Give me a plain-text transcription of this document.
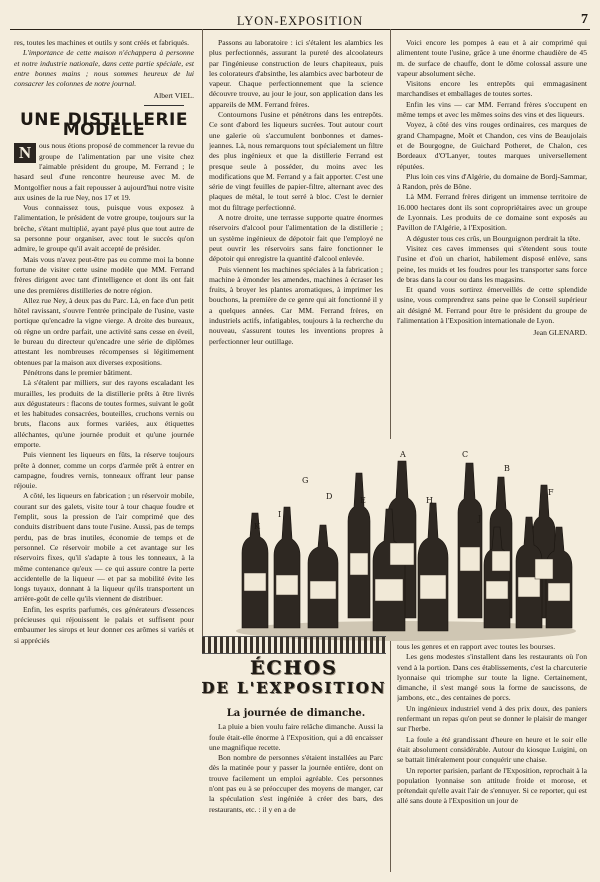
LYON-EXPOSITION	7

res, toutes les machines et outils y sont créés et fabriqués.

L'importance de cette maison n'échappera à personne et notre industrie nationale, dans cette partie spéciale, est entre bonnes mains ; nous sommes heureux de lui consacrer les colonnes de notre journal.

Albert VIEL.

UNE DISTILLERIE MODÈLE

N	ous nous étions proposé de commencer la revue du groupe de l'alimentation par une visite chez l'aimable président du groupe, M. Ferrand ; le hasard seul d'une rencontre heureuse avec M. de Montgolfier nous a fait repousser à aujourd'hui notre visite aux usines de la rue Ney, nos 17 et 19.

Vous connaissez tous, puisque vous exposez à l'alimentation, le président de votre groupe, toujours sur la brèche, s'étant multiplié, ayant payé plus que tout autre de sa personne pour organiser, avec tout le succès qu'on admire, le groupe qu'il avait accepté de présider.

Mais vous n'avez peut-être pas eu comme moi la bonne fortune de visiter cette usine modèle que MM. Ferrand frères dirigent avec tant d'intelligence et dont ils ont fait une des premières distilleries de notre région.

Allez rue Ney, à deux pas du Parc. Là, en face d'un petit hôtel ravissant, s'ouvre l'entrée principale de l'usine, vaste portique qu'encadre la vigne vierge. A droite des bureaux, où règne un ordre parfait, une activité sans cesse en éveil, le bureau du directeur qu'encadre une série de diplômes attestant les nombreuses récompenses si légitimement obtenues par la maison aux diverses expositions.

Pénétrons dans le premier bâtiment.

Là s'étalent par milliers, sur des rayons escaladant les murailles, les produits de la distillerie prêts à être livrés aux dégustateurs : flacons de toutes formes, suivant le goût et les habitudes consacrées, bouteilles, cruchons vernis ou bruts, flacons aux formes variées, aux étiquettes alléchantes, qu'une journée produit et qu'une journée emporte.

Puis viennent les liqueurs en fûts, la réserve toujours prête à donner, comme un corps d'armée prêt à entrer en campagne, foudres vernis, tonneaux offrant leur panse réjouie.

A côté, les liqueurs en fabrication ; un réservoir mobile, courant sur des galets, visite tour à tour chaque foudre et l'emplit, sous la pression de l'air comprimé que des conduits distribuent dans toute l'usine. Aussi, pas de temps perdu, pas de bras inutiles, économie de temps et de personnel. Ce réservoir mobile a cet avantage sur les réservoirs fixes, qu'il s'adapte à tous les tonneaux, à la même contenance qu'eux — ce qui assure contre la perte accidentelle de la liqueur — et par sa mobilité évite les longs tuyaux, donnant à la liqueur qu'ils transportent un arrière-goût de celle qu'ils viennent de distribuer.

Enfin, les esprits parfumés, ces générateurs d'essences précieuses qui réjouissent le palais et suffisent pour embaumer les sirops et leur donner ces arômes si variés et si appréciés

Passons au laboratoire : ici s'étalent les alambics les plus perfectionnés, assurant la pureté des alcoolateurs par l'ingénieuse construction de leurs chapiteaux, puis les colorateurs d'absinthe, les alambics avec barboteur de vapeur. Chaque perfectionnement que la science découvre trouve, au jour le jour, son application dans les appareils de MM. Ferrand frères.

Contournons l'usine et pénétrons dans les entrepôts. Ce sont d'abord les liqueurs sucrées. Tout autour court une galerie où s'accumulent bonbonnes et dames-jeannes. Là, nous remarquons tout spécialement un filtre des plus ingénieux et que la distillerie Ferrand est presque seule à posséder, du moins avec les modifications que M. Ferrand y a fait apporter. C'est une série de vingt feuilles de papier-filtre, alternant avec des plaques de métal, le tout serré à bloc. C'est le dernier mot du filtrage perfectionné.

A notre droite, une terrasse supporte quatre énormes réservoirs d'alcool pour l'alimentation de la distillerie ; un système ingénieux de dépotoir fait que l'employé ne peut ouvrir les réservoirs sans faire fonctionner le dépotoir qui enregistre la quantité d'alcool enlevée.

Puis viennent les machines spéciales à la fabrication ; machine à émonder les amendes, machines à écraser les fruits, à broyer les plantes aromatiques, à imprimer les bouchons, la première de ce genre qui ait fonctionné il y a quelques années. Car MM. Ferrand frères, en industriels actifs, infatigables, toujours à la recherche du nouveau, s'assurent toutes les inventions propres à perfectionner leur outillage.

Voici encore les pompes à eau et à air comprimé qui alimentent toute l'usine, grâce à une énorme chaudière de 45 m. de surface de chauffe, dont le dôme colossal assure une vapeur absolument sèche.

Visitons encore les entrepôts qui emmagasinent marchandises et emballages de toutes sortes.

Enfin les vins — car MM. Ferrand frères s'occupent en même temps et avec les mêmes soins des vins et des liqueurs.

Voyez, à côté des vins rouges ordinaires, ces marques de grand Champagne, Moët et Chandon, ces vins de Beaujolais et de Bourgogne, de Guichard Potheret, de Chalon, ces Bordeaux d'O'Lanyer, toutes marques universellement réputées.

Plus loin ces vins d'Algérie, du domaine de Bordj-Sammar, à Randon, près de Bône.

Là MM. Ferrand frères dirigent un immense territoire de 16.000 hectares dont ils sont copropriétaires avec un groupe de Lyonnais. Les produits de ce domaine sont exposés au Pavillon de l'Algérie, à l'Exposition.

A déguster tous ces crûs, un Bourguignon perdrait la tête.

Visitez ces caves immenses qui s'étendent sous toute l'usine et d'où un chariot, habilement disposé enlève, sans peine, les muids et les foudres pour les transporter sans force de bras dans la cour ou dans les magasins.

Et quand vous sortirez émerveillés de cette splendide usine, vous comprendrez sans peine que le Conseil supérieur ait désigné M. Ferrand pour être le président du groupe de l'alimentation à l'Exposition internationale de Lyon.

Jean GLENARD.

K
G
A	C
B
I
D	E	H
J
F
ÉCHOS
DE L'EXPOSITION
La journée de dimanche.

La pluie a bien voulu faire relâche dimanche. Aussi la foule était-elle énorme à l'Exposition, qui a dû encaisser une magnifique recette.

Bon nombre de personnes s'étaient installées au Parc dès la matinée pour y passer la journée entière, dont on trouve facilement un emploi agréable. Ces personnes n'ont pas eu à se préoccuper des moyens de manger, car la spéculation s'est ingéniée à créer des bars, des restaurants, etc. : il y en a de

tous les genres et en rapport avec toutes les bourses.

Les gens modestes s'installent dans les restaurants où l'on vend à la portion. Dans ces établissements, c'est la charcuterie lyonnaise qui triomphe sur toute la ligne. Certainement, dimanche, il s'est mangé sous la forme de saucissons, de jambons, etc., des centaines de porcs.

Un ingénieux industriel vend à des prix doux, des paniers renfermant un repas qu'on peut se donner le plaisir de manger sur l'herbe.

La foule a été grandissant d'heure en heure et le soir elle était absolument considérable. Autour du kiosque Luigini, on se battait littéralement pour conquérir une chaise.

Un reporter parisien, parlant de l'Exposition, reprochait à la population lyonnaise son attitude froide et morose, et prétendait qu'elle avait l'air de s'ennuyer. Si ce reporter, qui est allé sans doute à l'Exposition un jour de
